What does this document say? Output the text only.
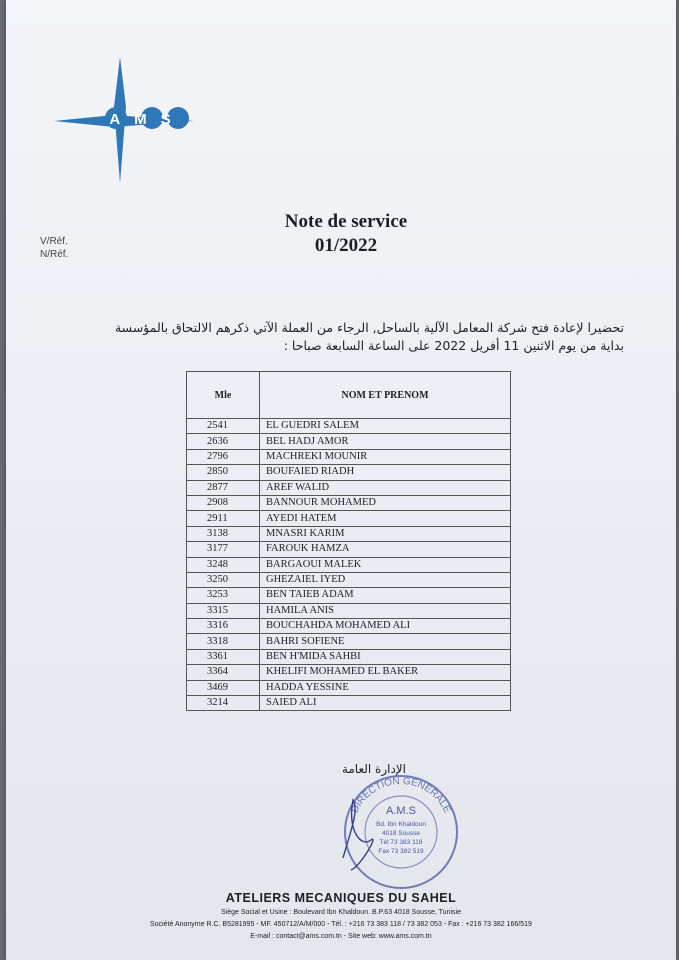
AMS
V/Réf.
N/Réf.
Note de service
01/2022
تحضيرا لإعادة فتح شركة المعامل الآلية بالساحل, الرجاء من العملة الآتي ذكرهم الالتحاق بالمؤسسة
بداية من يوم الاثنين 11 أفريل 2022 على الساعة السابعة صباحا :
Mle	NOM ET PRENOM
2541	EL GUEDRI SALEM
2636	BEL HADJ AMOR
2796	MACHREKI MOUNIR
2850	BOUFAIED RIADH
2877	AREF WALID
2908	BANNOUR MOHAMED
2911	AYEDI HATEM
3138	MNASRI KARIM
3177	FAROUK HAMZA
3248	BARGAOUI MALEK
3250	GHEZAIEL IYED
3253	BEN TAIEB ADAM
3315	HAMILA ANIS
3316	BOUCHAHDA MOHAMED ALI
3318	BAHRI SOFIENE
3361	BEN H'MIDA SAHBI
3364	KHELIFI MOHAMED EL BAKER
3469	HADDA YESSINE
3214	SAIED ALI
الإدارة العامة
DIRECTION GENERALE
A.M.S
Bd. Ibn Khaldoun
4018 Sousse
Tél 73 383 118
Fax 73 382 519
ATELIERS MECANIQUES DU SAHEL
Siège Social et Usine : Boulevard Ibn Khaldoun. B.P.63 4018 Sousse, Tunisie
Société Anonyme R.C. B5281995 - MF. 450712/A/M/000 - Tél. : +216 73 383 118 / 73 382 053 - Fax : +216 73 382 166/519
E-mail : contact@ams.com.tn - Site web: www.ams.com.tn
